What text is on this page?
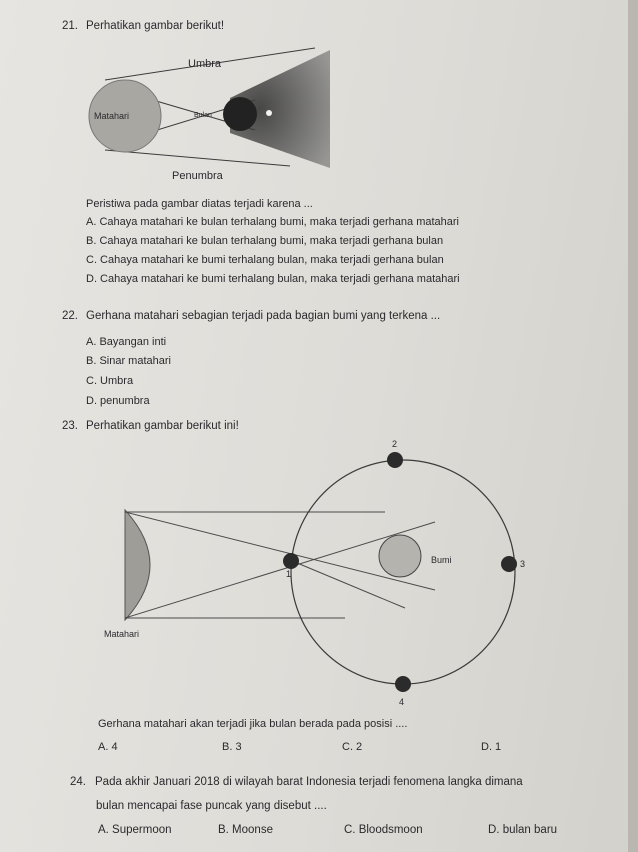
21. Perhatikan gambar berikut!
Umbra
Matahari	Bulan
Penumbra
Peristiwa pada gambar diatas terjadi karena ...
A. Cahaya matahari ke bulan terhalang bumi, maka terjadi gerhana matahari
B. Cahaya matahari ke bulan terhalang bumi, maka terjadi gerhana bulan
C. Cahaya matahari ke bumi terhalang bulan, maka terjadi gerhana bulan
D. Cahaya matahari ke bumi terhalang bulan, maka terjadi gerhana matahari
22. Gerhana matahari sebagian terjadi pada bagian bumi yang terkena ...
A. Bayangan inti
B. Sinar matahari
C. Umbra
D. penumbra
23. Perhatikan gambar berikut ini!
1
2
3
4
Bumi
Matahari
Gerhana matahari akan terjadi jika bulan berada pada posisi ....
A. 4	B. 3	C. 2	D. 1
24. Pada akhir Januari 2018 di wilayah barat Indonesia terjadi fenomena langka dimana
bulan mencapai fase puncak yang disebut ....
A. Supermoon	B. Moonse	C. Bloodsmoon	D. bulan baru
